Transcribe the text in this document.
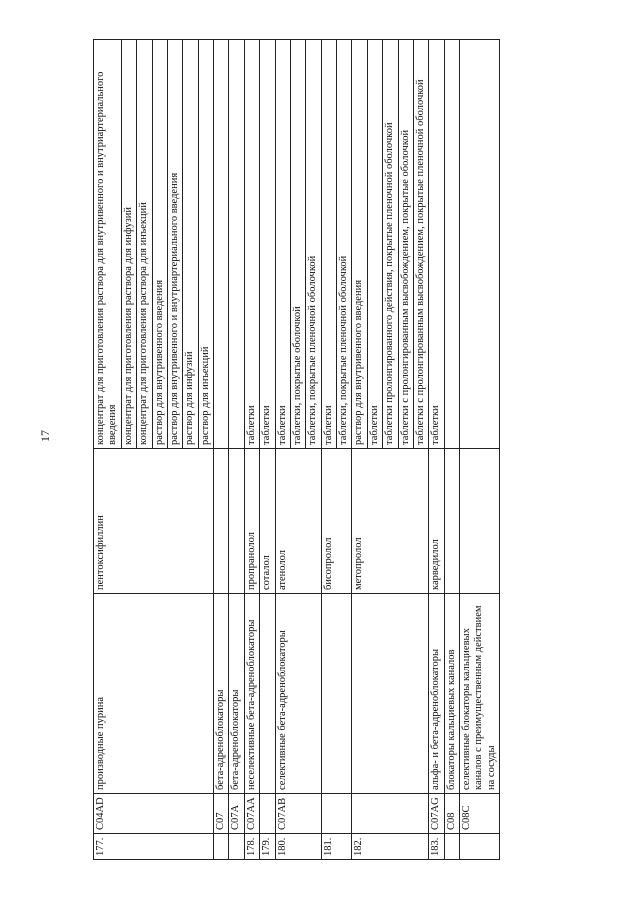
17
177.	C04AD	производные пурина	пентоксифиллин	концентрат для приготовления раствора для внутривенного и внутриартериального введения
				концентрат для приготовления раствора для инфузий
				концентрат для приготовления раствора для инъекций
				раствор для внутривенного введения
				раствор для внутривенного и внутриартериального введения
				раствор для инфузий
				раствор для инъекций
	C07	бета-адреноблокаторы		
	C07A	бета-адреноблокаторы		
178.	C07AA	неселективные бета-адреноблокаторы	пропранолол	таблетки
179.			соталол	таблетки
180.	C07AB	селективные бета-адреноблокаторы	атенолол	таблетки
				таблетки, покрытые оболочкой
				таблетки, покрытые пленочной оболочкой
181.			бисопролол	таблетки
				таблетки, покрытые пленочной оболочкой
182.			метопролол	раствор для внутривенного введения
				таблетки
				таблетки пролонгированного действия, покрытые пленочной оболочкой
				таблетки с пролонгированным высвобождением, покрытые оболочкой
				таблетки с пролонгированным высвобождением, покрытые пленочной оболочкой
183.	C07AG	альфа- и бета-адреноблокаторы	карведилол	таблетки
	C08	блокаторы кальциевых каналов		
	C08C	селективные блокаторы кальциевых каналов с преимущественным действием на сосуды		
